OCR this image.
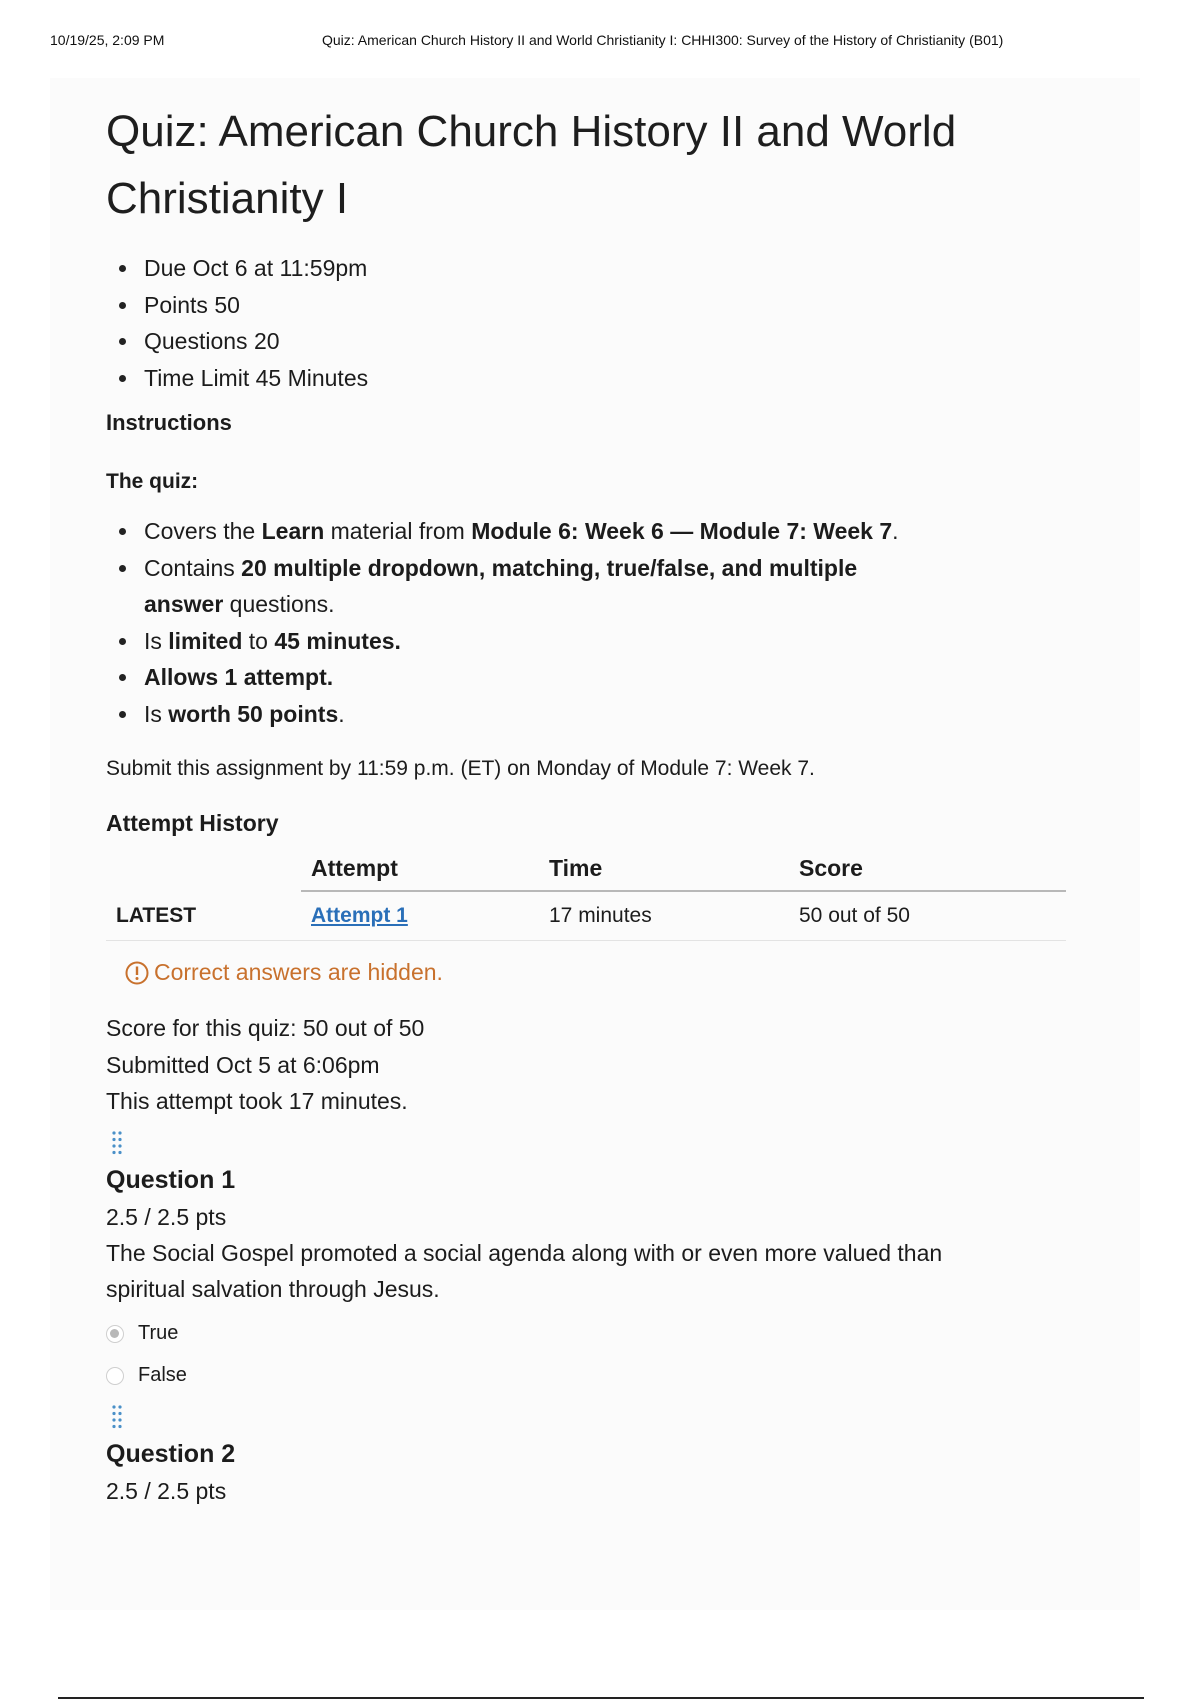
10/19/25, 2:09 PM	Quiz: American Church History II and World Christianity I: CHHI300: Survey of the History of Christianity (B01)
Quiz: American Church History II and World Christianity I
Due Oct 6 at 11:59pm
Points 50
Questions 20
Time Limit 45 Minutes
Instructions
The quiz:
Covers the Learn material from Module 6: Week 6 — Module 7: Week 7.
Contains 20 multiple dropdown, matching, true/false, and multiple answer questions.
Is limited to 45 minutes.
Allows 1 attempt.
Is worth 50 points.
Submit this assignment by 11:59 p.m. (ET) on Monday of Module 7: Week 7.
Attempt History
	Attempt	Time	Score
LATEST	Attempt 1	17 minutes	50 out of 50
Correct answers are hidden.
Score for this quiz: 50 out of 50
Submitted Oct 5 at 6:06pm
This attempt took 17 minutes.
Question 1
2.5 / 2.5 pts
The Social Gospel promoted a social agenda along with or even more valued than spiritual salvation through Jesus.
True
False
Question 2
2.5 / 2.5 pts
